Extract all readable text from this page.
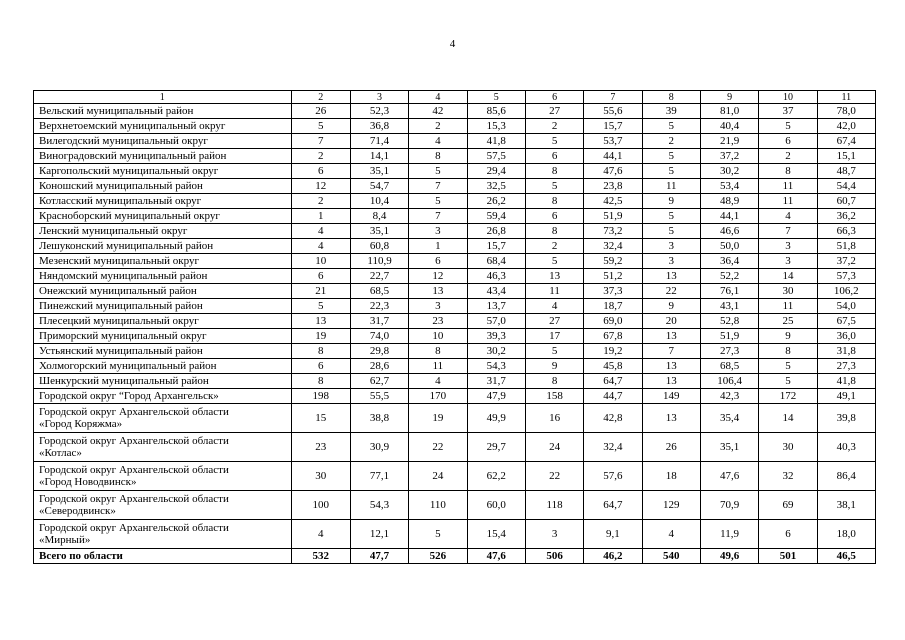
4
1	2	3	4	5	6	7	8	9	10	11
Вельский муниципальный район	26	52,3	42	85,6	27	55,6	39	81,0	37	78,0
Верхнетоемский муниципальный округ	5	36,8	2	15,3	2	15,7	5	40,4	5	42,0
Вилегодский муниципальный округ	7	71,4	4	41,8	5	53,7	2	21,9	6	67,4
Виноградовский муниципальный район	2	14,1	8	57,5	6	44,1	5	37,2	2	15,1
Каргопольский муниципальный округ	6	35,1	5	29,4	8	47,6	5	30,2	8	48,7
Коношский муниципальный район	12	54,7	7	32,5	5	23,8	11	53,4	11	54,4
Котласский муниципальный округ	2	10,4	5	26,2	8	42,5	9	48,9	11	60,7
Красноборский муниципальный округ	1	8,4	7	59,4	6	51,9	5	44,1	4	36,2
Ленский муниципальный округ	4	35,1	3	26,8	8	73,2	5	46,6	7	66,3
Лешуконский муниципальный район	4	60,8	1	15,7	2	32,4	3	50,0	3	51,8
Мезенский муниципальный округ	10	110,9	6	68,4	5	59,2	3	36,4	3	37,2
Няндомский муниципальный район	6	22,7	12	46,3	13	51,2	13	52,2	14	57,3
Онежский муниципальный район	21	68,5	13	43,4	11	37,3	22	76,1	30	106,2
Пинежский муниципальный район	5	22,3	3	13,7	4	18,7	9	43,1	11	54,0
Плесецкий муниципальный округ	13	31,7	23	57,0	27	69,0	20	52,8	25	67,5
Приморский муниципальный округ	19	74,0	10	39,3	17	67,8	13	51,9	9	36,0
Устьянский муниципальный район	8	29,8	8	30,2	5	19,2	7	27,3	8	31,8
Холмогорский муниципальный район	6	28,6	11	54,3	9	45,8	13	68,5	5	27,3
Шенкурский муниципальный район	8	62,7	4	31,7	8	64,7	13	106,4	5	41,8
Городской округ “Город Архангельск»	198	55,5	170	47,9	158	44,7	149	42,3	172	49,1
Городской округ Архангельской области
«Город Коряжма»	15	38,8	19	49,9	16	42,8	13	35,4	14	39,8
Городской округ Архангельской области
«Котлас»	23	30,9	22	29,7	24	32,4	26	35,1	30	40,3
Городской округ Архангельской области
«Город Новодвинск»	30	77,1	24	62,2	22	57,6	18	47,6	32	86,4
Городской округ Архангельской области
«Северодвинск»	100	54,3	110	60,0	118	64,7	129	70,9	69	38,1
Городской округ Архангельской области
«Мирный»	4	12,1	5	15,4	3	9,1	4	11,9	6	18,0
Всего по области	532	47,7	526	47,6	506	46,2	540	49,6	501	46,5
